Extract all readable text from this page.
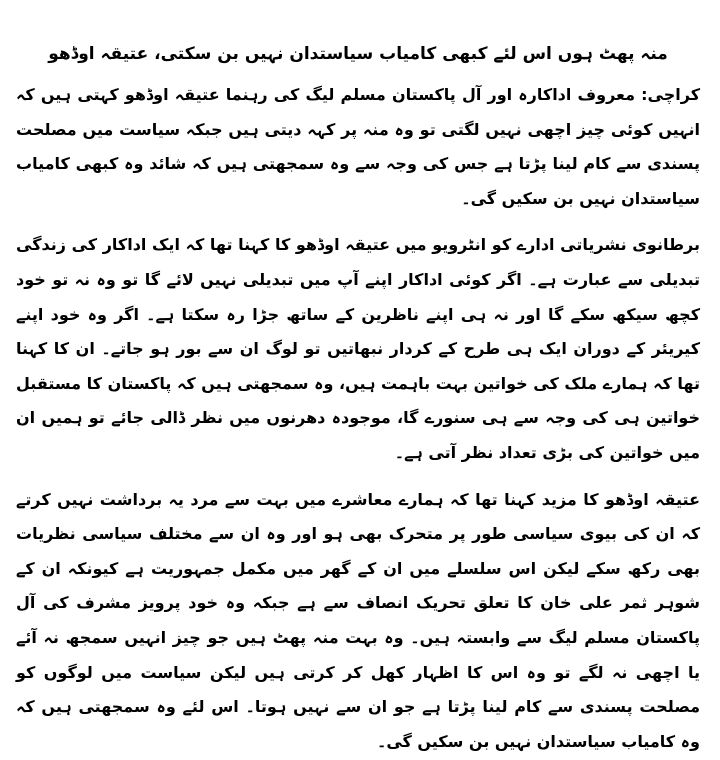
منہ پھٹ ہوں اس لئے کبھی کامیاب سیاستدان نہیں بن سکتی، عتیقہ اوڈھو

کراچی: معروف اداکارہ اور آل پاکستان مسلم لیگ کی رہنما عتیقہ اوڈھو کہتی ہیں کہ انہیں کوئی چیز اچھی نہیں لگتی تو وہ منہ پر کہہ دیتی ہیں جبکہ سیاست میں مصلحت پسندی سے کام لینا پڑتا ہے جس کی وجہ سے وہ سمجھتی ہیں کہ شائد وہ کبھی کامیاب سیاستدان نہیں بن سکیں گی۔

برطانوی نشریاتی ادارے کو انٹرویو میں عتیقہ اوڈھو کا کہنا تھا کہ ایک اداکار کی زندگی تبدیلی سے عبارت ہے۔ اگر کوئی اداکار اپنے آپ میں تبدیلی نہیں لائے گا تو وہ نہ تو خود کچھ سیکھ سکے گا اور نہ ہی اپنے ناظرین کے ساتھ جڑا رہ سکتا ہے۔ اگر وہ خود اپنے کیریئر کے دوران ایک ہی طرح کے کردار نبھاتیں تو لوگ ان سے بور ہو جاتے۔ ان کا کہنا تھا کہ ہمارے ملک کی خواتین بہت باہمت ہیں، وہ سمجھتی ہیں کہ پاکستان کا مستقبل خواتین ہی کی وجہ سے ہی سنورے گا، موجودہ دھرنوں میں نظر ڈالی جائے تو ہمیں ان میں خواتین کی بڑی تعداد نظر آتی ہے۔

عتیقہ اوڈھو کا مزید کہنا تھا کہ ہمارے معاشرے میں بہت سے مرد یہ برداشت نہیں کرتے کہ ان کی بیوی سیاسی طور پر متحرک بھی ہو اور وہ ان سے مختلف سیاسی نظریات بھی رکھ سکے لیکن اس سلسلے میں ان کے گھر میں مکمل جمہوریت ہے کیونکہ ان کے شوہر ثمر علی خان کا تعلق تحریک انصاف سے ہے جبکہ وہ خود پرویز مشرف کی آل پاکستان مسلم لیگ سے وابستہ ہیں۔ وہ بہت منہ پھٹ ہیں جو چیز انہیں سمجھ نہ آئے یا اچھی نہ لگے تو وہ اس کا اظہار کھل کر کرتی ہیں لیکن سیاست میں لوگوں کو مصلحت پسندی سے کام لینا پڑتا ہے جو ان سے نہیں ہوتا۔ اس لئے وہ سمجھتی ہیں کہ وہ کامیاب سیاستدان نہیں بن سکیں گی۔
